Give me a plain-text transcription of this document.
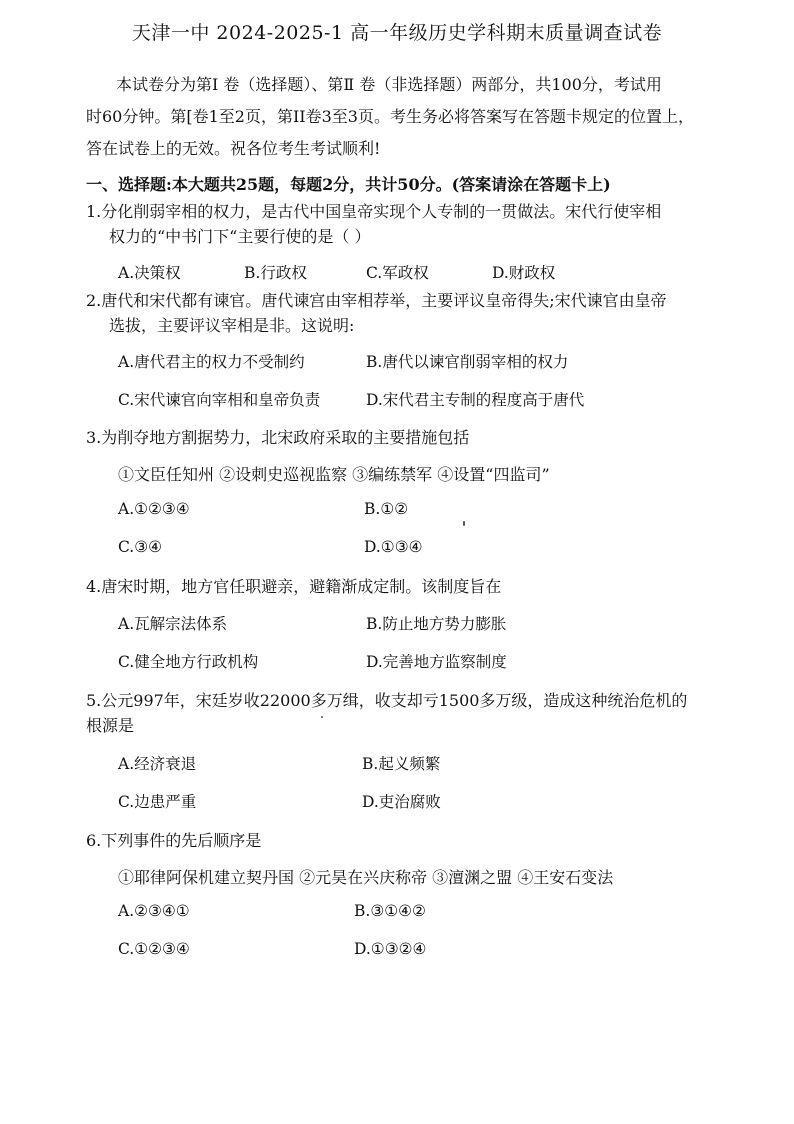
天津一中 2024-2025-1 高一年级历史学科期末质量调查试卷
本试卷分为第Ⅰ 卷（选择题）、第Ⅱ 卷（非选择题）两部分，共100分，考试用
时60分钟。第[卷1至2页，第II卷3至3页。考生务必将答案写在答题卡规定的位置上，
答在试卷上的无效。祝各位考生考试顺利!
一、选择题:本大题共25题，每题2分，共计50分。(答案请涂在答题卡上)
1.分化削弱宰相的权力，是古代中国皇帝实现个人专制的一贯做法。宋代行使宰相
权力的“中书门下“主要行使的是（ ）
A.决策权	B.行政权	C.军政权	D.财政权
2.唐代和宋代都有谏官。唐代谏宫由宰相荐举，主要评议皇帝得失;宋代谏官由皇帝
选拔，主要评议宰相是非。这说明:
A.唐代君主的权力不受制约	B.唐代以谏官削弱宰相的权力
C.宋代谏官向宰相和皇帝负责	D.宋代君主专制的程度高于唐代
3.为削夺地方割据势力，北宋政府采取的主要措施包括
①文臣任知州 ②设刺史巡视监察 ③编练禁军 ④设置“四监司”
A.①②③④	B.①②
C.③④	D.①③④
4.唐宋时期，地方官任职避亲，避籍渐成定制。该制度旨在
A.瓦解宗法体系	B.防止地方势力膨胀
C.健全地方行政机构	D.完善地方监察制度
5.公元997年，宋廷岁收22000多万缉，收支却亏1500多万级，造成这种统治危机的
根源是
A.经济衰退	B.起义频繁
C.边患严重	D.吏治腐败
6.下列事件的先后顺序是
①耶律阿保机建立契丹国 ②元昊在兴庆称帝 ③澶渊之盟 ④王安石变法
A.②③④①	B.③①④②
C.①②③④	D.①③②④
